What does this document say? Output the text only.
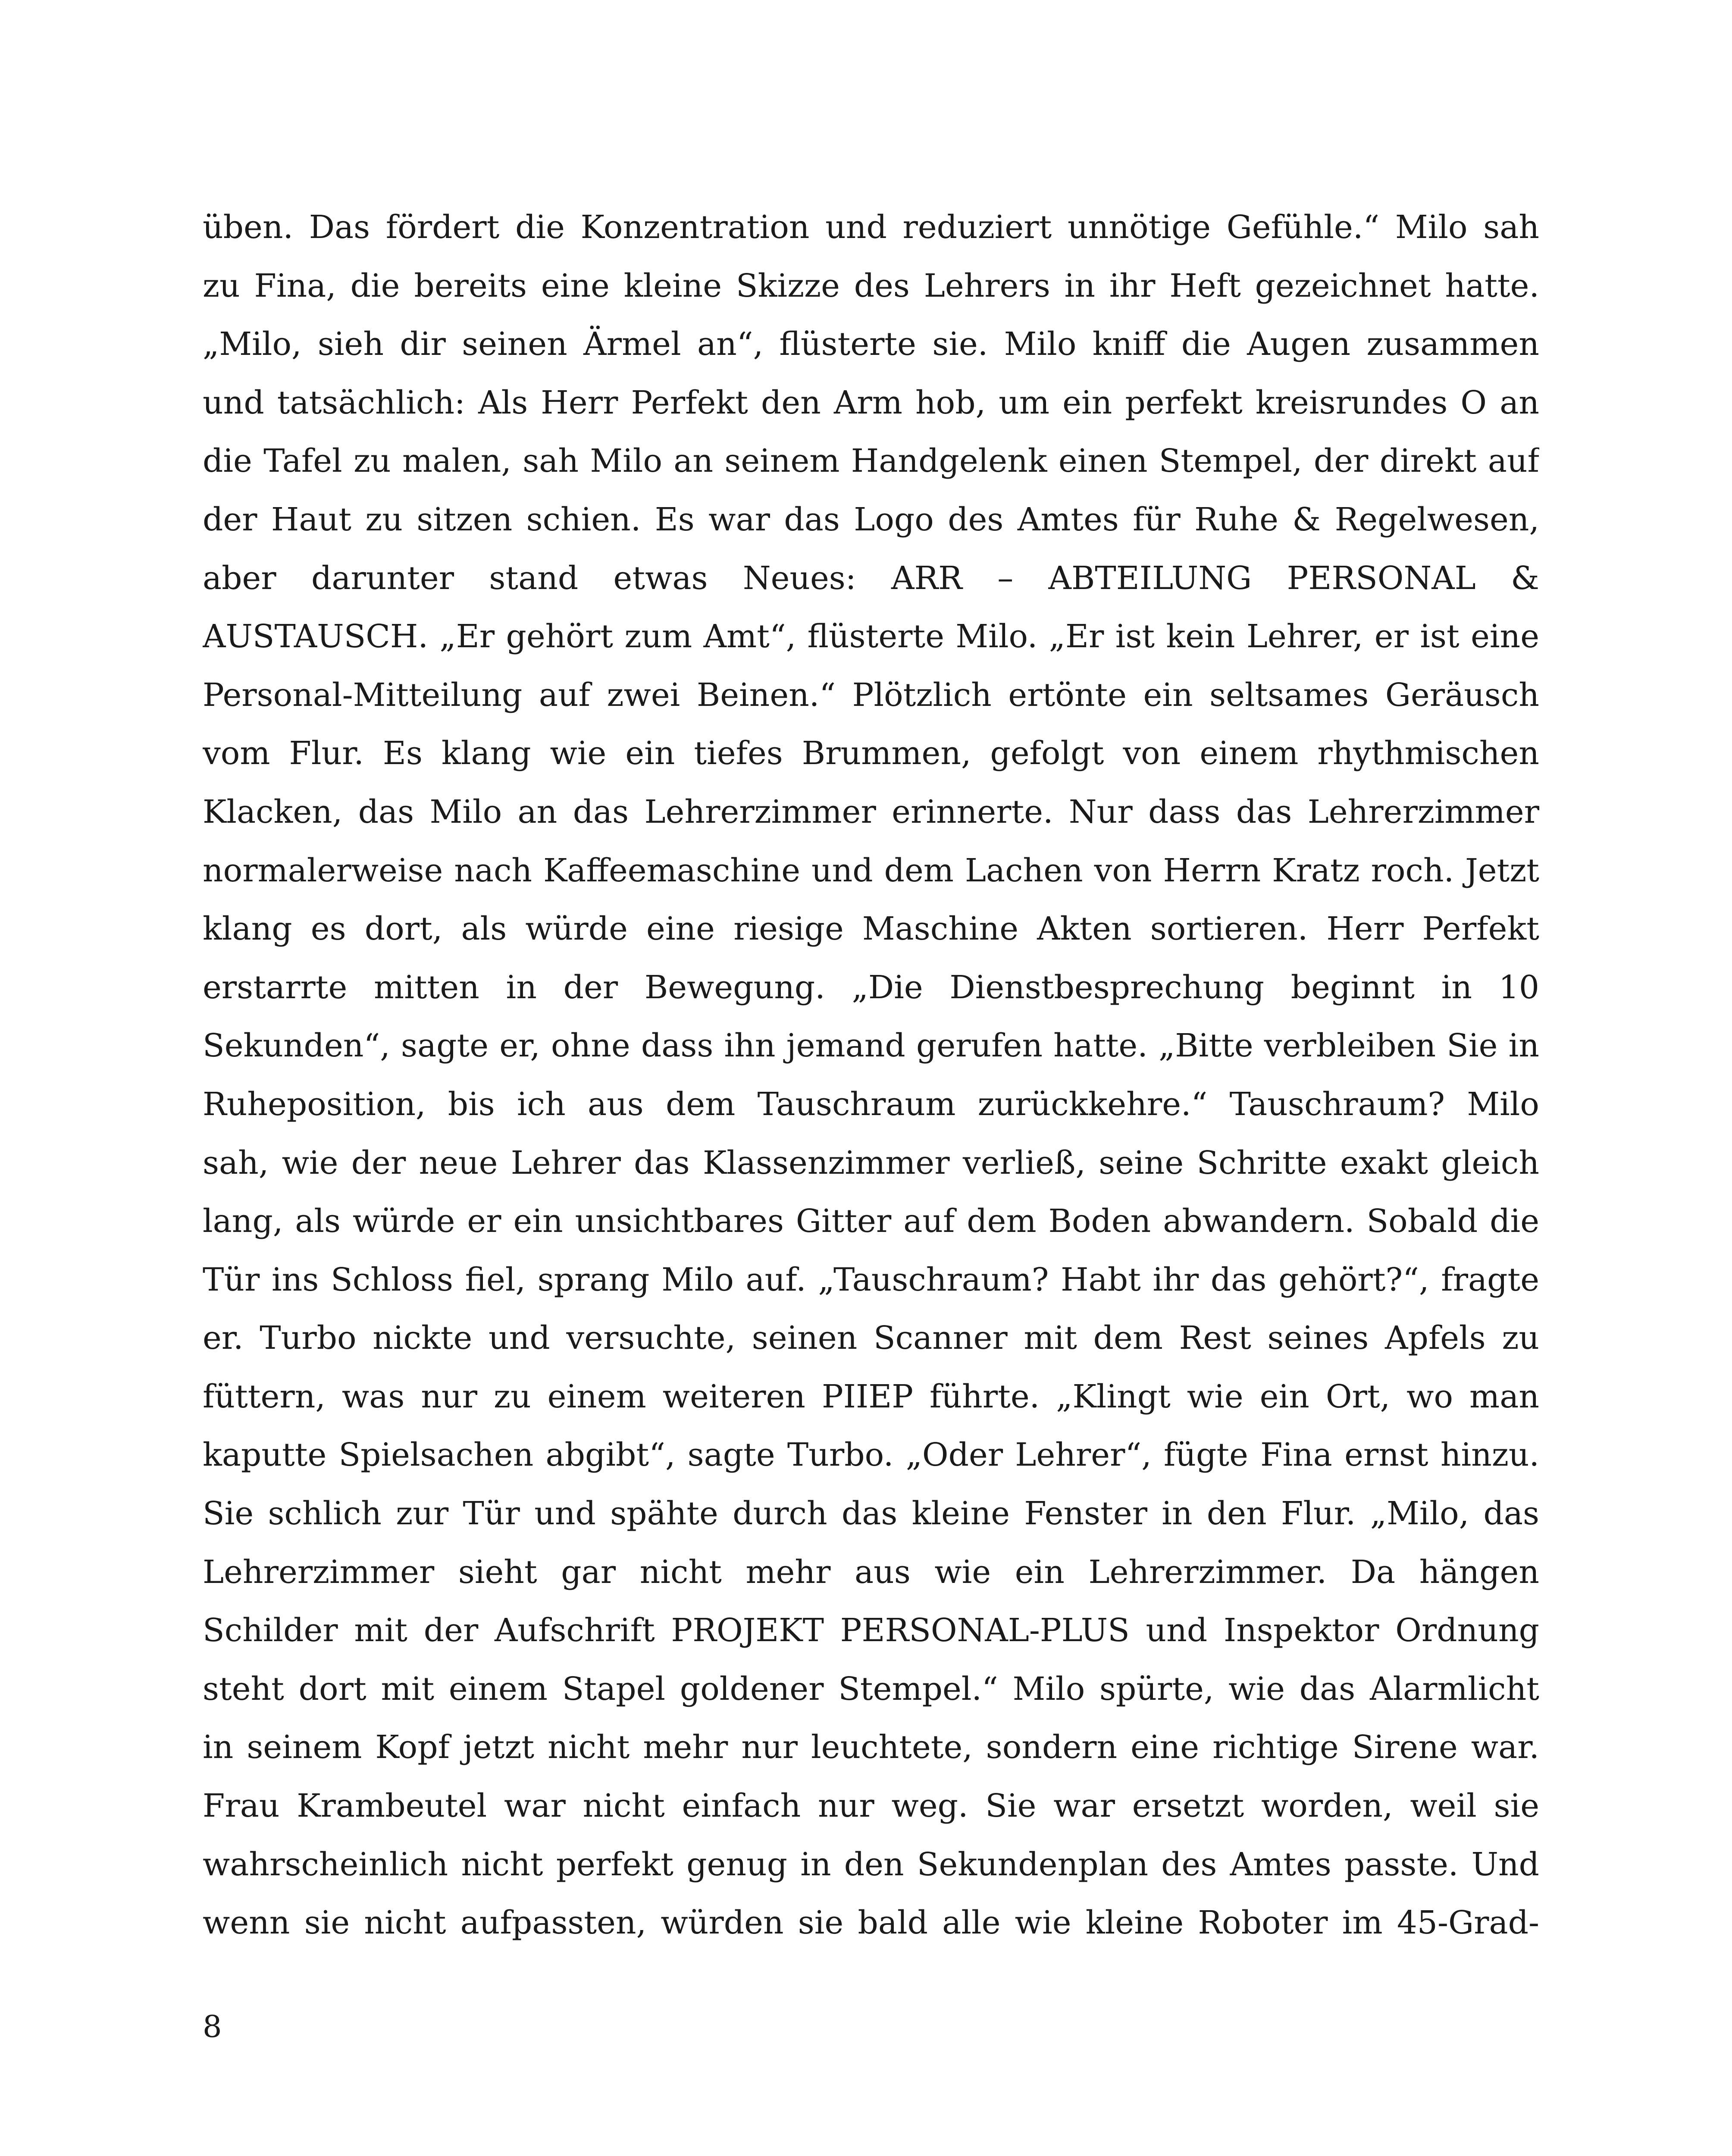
üben. Das fördert die Konzentration und reduziert unnötige Gefühle.“ Milo sah
zu Fina, die bereits eine kleine Skizze des Lehrers in ihr Heft gezeichnet hatte.
„Milo, sieh dir seinen Ärmel an“, flüsterte sie. Milo kniff die Augen zusammen
und tatsächlich: Als Herr Perfekt den Arm hob, um ein perfekt kreisrundes O an
die Tafel zu malen, sah Milo an seinem Handgelenk einen Stempel, der direkt auf
der Haut zu sitzen schien. Es war das Logo des Amtes für Ruhe & Regelwesen,
aber darunter stand etwas Neues: ARR – ABTEILUNG PERSONAL &
AUSTAUSCH. „Er gehört zum Amt“, flüsterte Milo. „Er ist kein Lehrer, er ist eine
Personal-Mitteilung auf zwei Beinen.“ Plötzlich ertönte ein seltsames Geräusch
vom Flur. Es klang wie ein tiefes Brummen, gefolgt von einem rhythmischen
Klacken, das Milo an das Lehrerzimmer erinnerte. Nur dass das Lehrerzimmer
normalerweise nach Kaffeemaschine und dem Lachen von Herrn Kratz roch. Jetzt
klang es dort, als würde eine riesige Maschine Akten sortieren. Herr Perfekt
erstarrte mitten in der Bewegung. „Die Dienstbesprechung beginnt in 10
Sekunden“, sagte er, ohne dass ihn jemand gerufen hatte. „Bitte verbleiben Sie in
Ruheposition, bis ich aus dem Tauschraum zurückkehre.“ Tauschraum? Milo
sah, wie der neue Lehrer das Klassenzimmer verließ, seine Schritte exakt gleich
lang, als würde er ein unsichtbares Gitter auf dem Boden abwandern. Sobald die
Tür ins Schloss fiel, sprang Milo auf. „Tauschraum? Habt ihr das gehört?“, fragte
er. Turbo nickte und versuchte, seinen Scanner mit dem Rest seines Apfels zu
füttern, was nur zu einem weiteren PIIEP führte. „Klingt wie ein Ort, wo man
kaputte Spielsachen abgibt“, sagte Turbo. „Oder Lehrer“, fügte Fina ernst hinzu.
Sie schlich zur Tür und spähte durch das kleine Fenster in den Flur. „Milo, das
Lehrerzimmer sieht gar nicht mehr aus wie ein Lehrerzimmer. Da hängen
Schilder mit der Aufschrift PROJEKT PERSONAL-PLUS und Inspektor Ordnung
steht dort mit einem Stapel goldener Stempel.“ Milo spürte, wie das Alarmlicht
in seinem Kopf jetzt nicht mehr nur leuchtete, sondern eine richtige Sirene war.
Frau Krambeutel war nicht einfach nur weg. Sie war ersetzt worden, weil sie
wahrscheinlich nicht perfekt genug in den Sekundenplan des Amtes passte. Und
wenn sie nicht aufpassten, würden sie bald alle wie kleine Roboter im 45-Grad-

8
